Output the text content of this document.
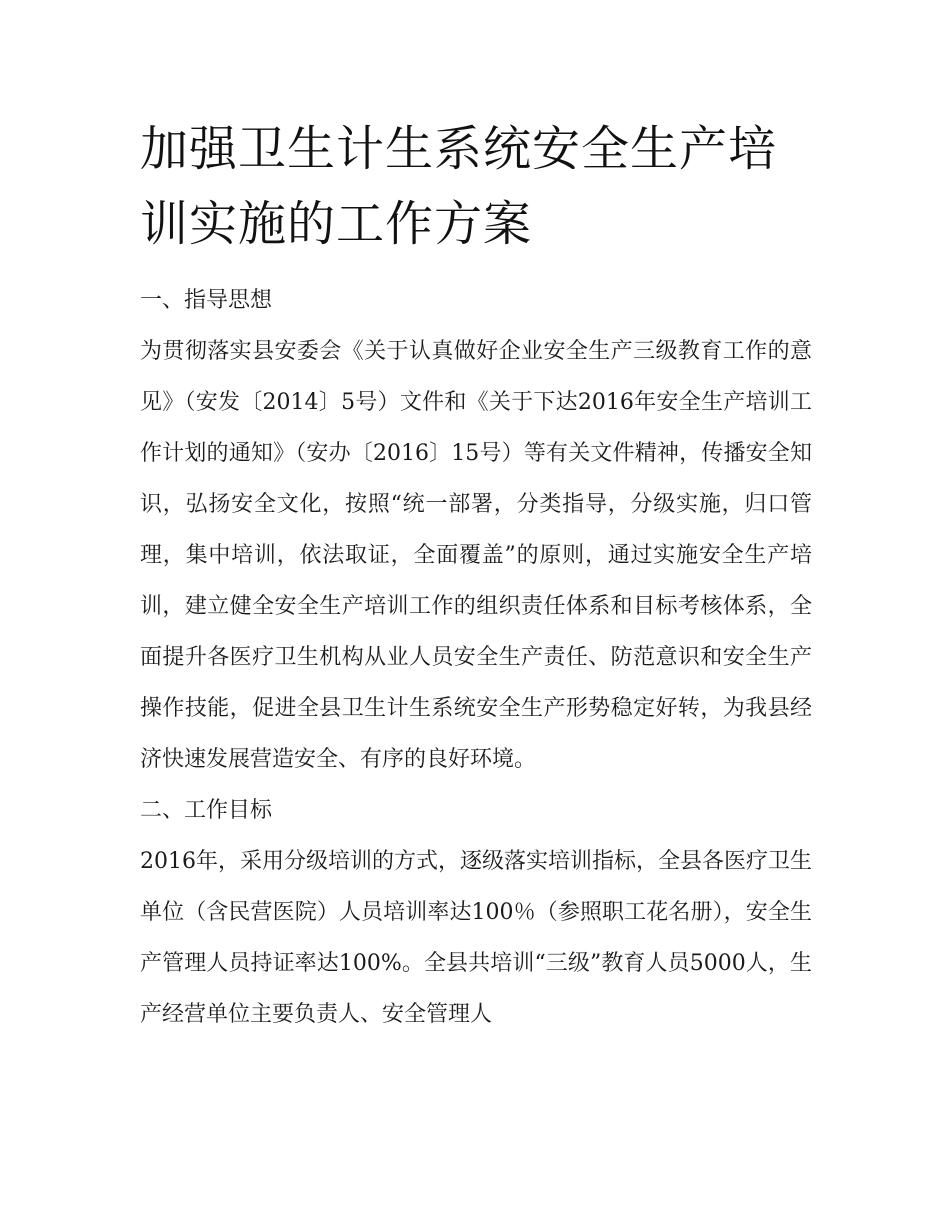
加强卫生计生系统安全生产培训实施的工作方案
一、指导思想

为贯彻落实县安委会《关于认真做好企业安全生产三级教育工作的意见》（安发〔2014〕5号）文件和《关于下达2016年安全生产培训工作计划的通知》（安办〔2016〕15号）等有关文件精神，传播安全知识，弘扬安全文化，按照“统一部署，分类指导，分级实施，归口管理，集中培训，依法取证，全面覆盖”的原则，通过实施安全生产培训，建立健全安全生产培训工作的组织责任体系和目标考核体系，全面提升各医疗卫生机构从业人员安全生产责任、防范意识和安全生产操作技能，促进全县卫生计生系统安全生产形势稳定好转，为我县经济快速发展营造安全、有序的良好环境。

二、工作目标

2016年，采用分级培训的方式，逐级落实培训指标，全县各医疗卫生单位（含民营医院）人员培训率达100％（参照职工花名册），安全生产管理人员持证率达100%。全县共培训“三级”教育人员5000人，生产经营单位主要负责人、安全管理人
